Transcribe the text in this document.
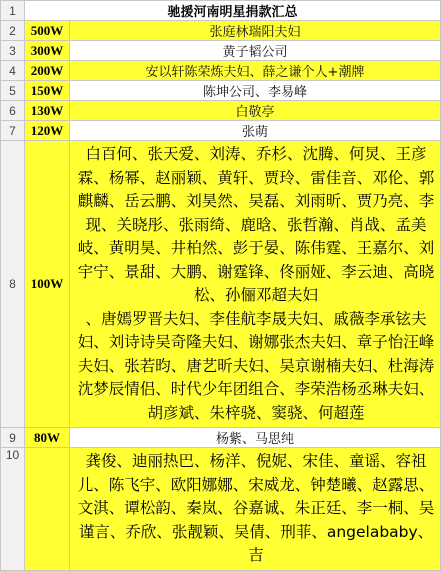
1	驰援河南明星捐款汇总	
2	500W	张庭林瑞阳夫妇
3	300W	黄子韬公司
4	200W	安以轩陈荣炼夫妇、薛之谦个人+潮牌
5	150W	陈坤公司、李易峰
6	130W	白敬亭
7	120W	张萌
8	100W	白百何、张天爱、刘涛、乔杉、沈腾、何炅、王彦霖、杨幂、赵丽颖、黄轩、贾玲、雷佳音、邓伦、郭麒麟、岳云鹏、刘昊然、吴磊、刘雨昕、贾乃亮、李现、关晓彤、张雨绮、鹿晗、张哲瀚、肖战、孟美岐、黄明昊、井柏然、彭于晏、陈伟霆、王嘉尔、刘宇宁、景甜、大鹏、谢霆锋、佟丽娅、李云迪、高晓松、孙俪邓超夫妇
、唐嫣罗晋夫妇、李佳航李晟夫妇、戚薇李承铉夫妇、刘诗诗吴奇隆夫妇、谢娜张杰夫妇、章子怡汪峰夫妇、张若昀、唐艺昕夫妇、吴京谢楠夫妇、杜海涛沈梦辰情侣、时代少年团组合、李荣浩杨丞琳夫妇、胡彦斌、朱梓骁、窦骁、何超莲

9	80W	杨紫、马思纯
10		龚俊、迪丽热巴、杨洋、倪妮、宋佳、童谣、容祖儿、陈飞宇、欧阳娜娜、宋威龙、钟楚曦、赵露思、文淇、谭松韵、秦岚、谷嘉诚、朱正廷、李一桐、吴谨言、乔欣、张靓颖、吴倩、刑菲、angelababy、吉
